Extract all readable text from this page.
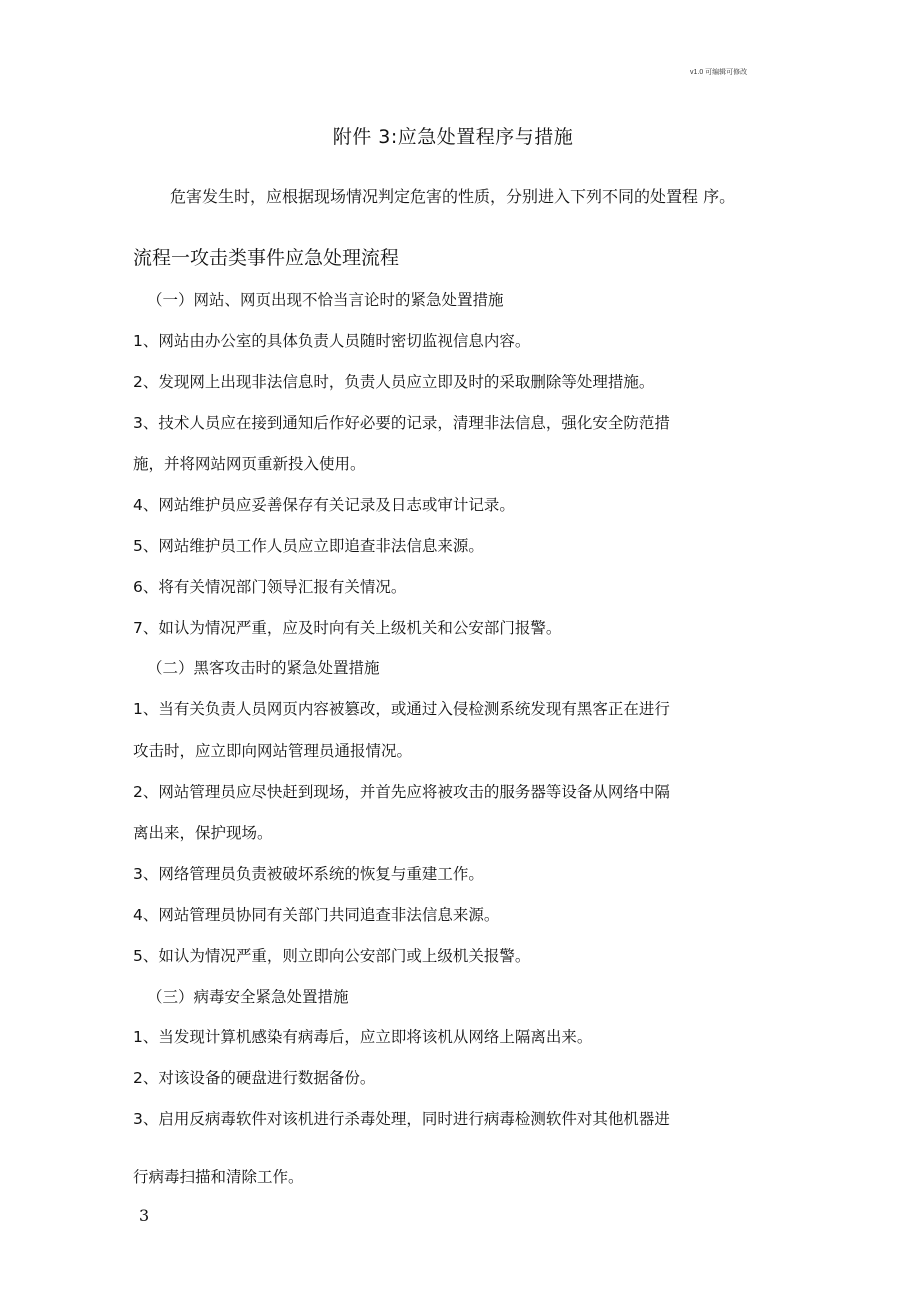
v1.0 可编辑可修改
附件 3:应急处置程序与措施
危害发生时，应根据现场情况判定危害的性质，分别进入下列不同的处置程 序。
流程一攻击类事件应急处理流程
（一）网站、网页出现不恰当言论时的紧急处置措施
1、网站由办公室的具体负责人员随时密切监视信息内容。
2、发现网上出现非法信息时，负责人员应立即及时的采取删除等处理措施。
3、技术人员应在接到通知后作好必要的记录，清理非法信息，强化安全防范措
施，并将网站网页重新投入使用。
4、网站维护员应妥善保存有关记录及日志或审计记录。
5、网站维护员工作人员应立即追查非法信息来源。
6、将有关情况部门领导汇报有关情况。
7、如认为情况严重，应及时向有关上级机关和公安部门报警。
（二）黑客攻击时的紧急处置措施
1、当有关负责人员网页内容被篡改，或通过入侵检测系统发现有黑客正在进行
攻击时，应立即向网站管理员通报情况。
2、网站管理员应尽快赶到现场，并首先应将被攻击的服务器等设备从网络中隔
离出来，保护现场。
3、网络管理员负责被破坏系统的恢复与重建工作。
4、网站管理员协同有关部门共同追查非法信息来源。
5、如认为情况严重，则立即向公安部门或上级机关报警。
（三）病毒安全紧急处置措施
1、当发现计算机感染有病毒后，应立即将该机从网络上隔离出来。
2、对该设备的硬盘进行数据备份。
3、启用反病毒软件对该机进行杀毒处理，同时进行病毒检测软件对其他机器进
行病毒扫描和清除工作。
3
